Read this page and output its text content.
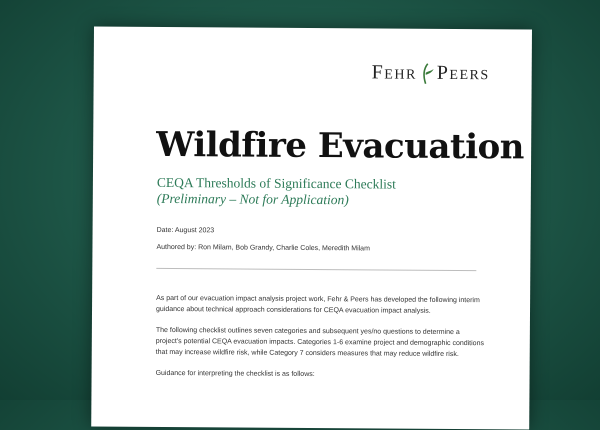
Fehr Peers
Wildfire Evacuation
CEQA Thresholds of Significance Checklist
(Preliminary – Not for Application)
Date: August 2023
Authored by: Ron Milam, Bob Grandy, Charlie Coles, Meredith Milam

As part of our evacuation impact analysis project work, Fehr & Peers has developed the following interim guidance about technical approach considerations for CEQA evacuation impact analysis.

The following checklist outlines seven categories and subsequent yes/no questions to determine a project's potential CEQA evacuation impacts. Categories 1-6 examine project and demographic conditions that may increase wildfire risk, while Category 7 considers measures that may reduce wildfire risk.

Guidance for interpreting the checklist is as follows:
